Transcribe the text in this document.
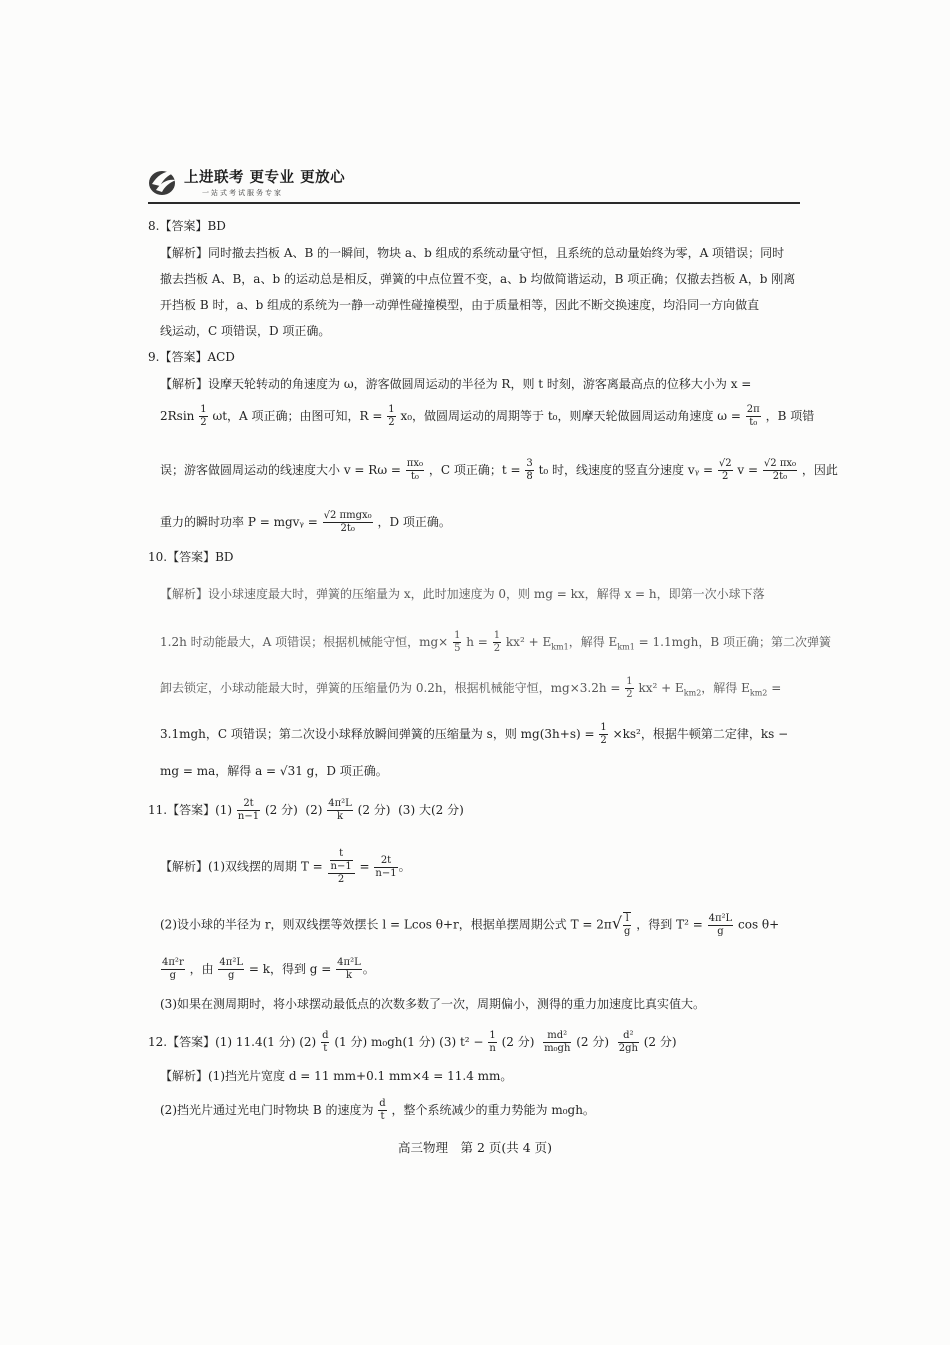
上进联考 更专业 更放心
一站式考试服务专家
8.【答案】BD
【解析】同时撤去挡板 A、B 的一瞬间，物块 a、b 组成的系统动量守恒，且系统的总动量始终为零，A 项错误；同时
撤去挡板 A、B，a、b 的运动总是相反，弹簧的中点位置不变，a、b 均做简谐运动，B 项正确；仅撤去挡板 A，b 刚离
开挡板 B 时，a、b 组成的系统为一静一动弹性碰撞模型，由于质量相等，因此不断交换速度，均沿同一方向做直
线运动，C 项错误，D 项正确。
9.【答案】ACD
【解析】设摩天轮转动的角速度为 ω，游客做圆周运动的半径为 R，则 t 时刻，游客离最高点的位移大小为 x =
$2Rsin \frac{1}{2}$ ωt，A 项正确；由图可知，$R = \frac{1}{2} x_0$，做圆周运动的周期等于 t₀，则摩天轮做圆周运动角速度 $\omega = \frac{2\pi}{\text{t₀}}$ ，B 项错
误；游客做圆周运动的线速度大小 $v = R\omega = \frac{\text{πx₀}}{\text{t₀}}$ ，C 项正确；$t = \frac{3}{8} t_0$ 时，线速度的竖直分速度 vᵧ = $\frac{√2}{2}$ $v = \frac{\text{√2 πx₀}}{\text{2t₀}}$ ，因此
重力的瞬时功率 P = mgvᵧ = $\frac{\text{√2 πmgx₀}}{\text{2t₀}}$ ，D 项正确。
10.【答案】BD
【解析】设小球速度最大时，弹簧的压缩量为 x，此时加速度为 0，则 mg = kx，解得 x = h，即第一次小球下落
1.2h 时动能最大，A 项错误；根据机械能守恒，$mg\times \frac{1}{5}$ $h = \frac{1}{2} kx^2 + E_{km1}$，解得 $E_{km1} = 1.1mgh$，B 项正确；第二次弹簧
卸去锁定，小球动能最大时，弹簧的压缩量仍为 0.2h，根据机械能守恒，$mg\times 3.2h = \frac{1}{2} kx^2 + E_{km2}$，解得 $E_{km2}$ =
3.1mgh，C 项错误；第二次设小球释放瞬间弹簧的压缩量为 s，则 $mg(3h+s) = \frac{1}{2} \times ks^2$，根据牛顿第二定律，ks −
mg = ma，解得 a = √31 g，D 项正确。
11.【答案】$(1) \frac{2t}{n-1} (2$ 分) $(2) \frac{\text{4π²L}}{k} (2$ 分) (3) 大(2 分)
【解析】(1)双线摆的周期 $T = \frac{\frac{t}{n-1}}{2} = \frac{2t}{n-1}$ 。
(2)设小球的半径为 r，则双线摆等效摆长 l = Lcos θ+r，根据单摆周期公式 $T = 2\pi√ \frac{l}{g}$ ，得到 $T^2 = \frac{\text{4π²L}}{g}$ cos θ+
$\frac{\text{4π²r}}{g}$ ，由 $\frac{\text{4π²L}}{g} = k$，得到 $g = \frac{\text{4π²L}}{k}$ 。
(3)如果在测周期时，将小球摆动最低点的次数多数了一次，周期偏小，测得的重力加速度比真实值大。
12.【答案】(1) 11.4(1 分) $(2) \frac{d}{t} (1$ 分) m₀gh(1 分) (3) $t^2 - \frac{1}{n} (2$ 分) $\frac{\text{md²}}{\text{m₀gh}} (2$ 分) $\frac{\text{d²}}{2gh} (2$ 分)
【解析】(1)挡光片宽度 d = 11 mm+0.1 mm×4 = 11.4 mm。
(2)挡光片通过光电门时物块 B 的速度为 $\frac{d}{t}$ ，整个系统减少的重力势能为 m₀gh。
高三物理　第 2 页(共 4 页)
